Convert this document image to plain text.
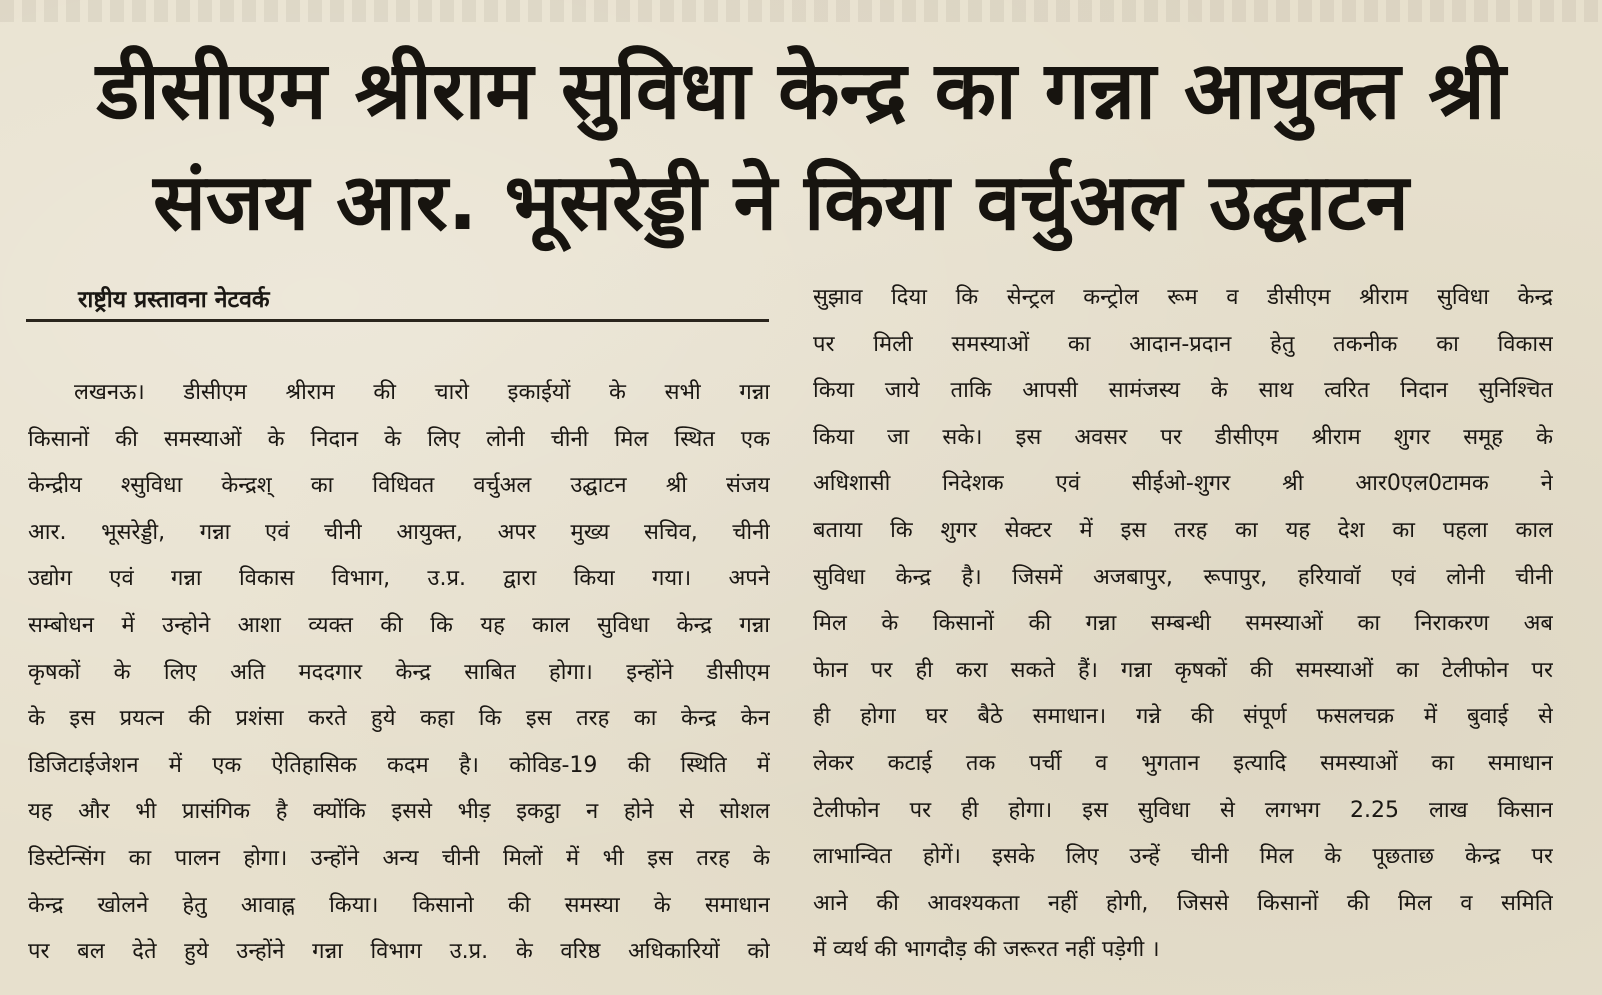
डीसीएम श्रीराम सुविधा केन्द्र का गन्ना आयुक्त श्री
संजय आर. भूसरेड्डी ने किया वर्चुअल उद्घाटन
राष्ट्रीय प्रस्तावना नेटवर्क
लखनऊ। डीसीएम श्रीराम की चारो इकाईयों के सभी गन्ना
किसानों की समस्याओं के निदान के लिए लोनी चीनी मिल स्थित एक
केन्द्रीय श्सुविधा केन्द्रश् का विधिवत वर्चुअल उद्घाटन श्री संजय
आर. भूसरेड्डी, गन्ना एवं चीनी आयुक्त, अपर मुख्य सचिव, चीनी
उद्योग एवं गन्ना विकास विभाग, उ.प्र. द्वारा किया गया। अपने
सम्बोधन में उन्होने आशा व्यक्त की कि यह काल सुविधा केन्द्र गन्ना
कृषकों के लिए अति मददगार केन्द्र साबित होगा। इन्होंने डीसीएम
के इस प्रयत्न की प्रशंसा करते हुये कहा कि इस तरह का केन्द्र केन
डिजिटाईजेशन में एक ऐतिहासिक कदम है। कोविड-19 की स्थिति में
यह और भी प्रासंगिक है क्योंकि इससे भीड़ इकट्ठा न होने से सोशल
डिस्टेन्सिंग का पालन होगा। उन्होंने अन्य चीनी मिलों में भी इस तरह के
केन्द्र खोलने हेतु आवाह्न किया। किसानो की समस्या के समाधान
पर बल देते हुये उन्होंने गन्ना विभाग उ.प्र. के वरिष्ठ अधिकारियों को
सुझाव दिया कि सेन्ट्रल कन्ट्रोल रूम व डीसीएम श्रीराम सुविधा केन्द्र
पर मिली समस्याओं का आदान-प्रदान हेतु तकनीक का विकास
किया जाये ताकि आपसी सामंजस्य के साथ त्वरित निदान सुनिश्चित
किया जा सके। इस अवसर पर डीसीएम श्रीराम शुगर समूह के
अधिशासी निदेशक एवं सीईओ-शुगर श्री आर0एल0टामक ने
बताया कि शुगर सेक्टर में इस तरह का यह देश का पहला काल
सुविधा केन्द्र है। जिसमें अजबापुर, रूपापुर, हरियावॉ एवं लोनी चीनी
मिल के किसानों की गन्ना सम्बन्धी समस्याओं का निराकरण अब
फेान पर ही करा सकते हैं। गन्ना कृषकों की समस्याओं का टेलीफोन पर
ही होगा घर बैठे समाधान। गन्ने की संपूर्ण फसलचक्र में बुवाई से
लेकर कटाई तक पर्ची व भुगतान इत्यादि समस्याओं का समाधान
टेलीफोन पर ही होगा। इस सुविधा से लगभग 2.25 लाख किसान
लाभान्वित होगें। इसके लिए उन्हें चीनी मिल के पूछताछ केन्द्र पर
आने की आवश्यकता नहीं होगी, जिससे किसानों की मिल व समिति
में व्यर्थ की भागदौड़ की जरूरत नहीं पड़ेगी ।
